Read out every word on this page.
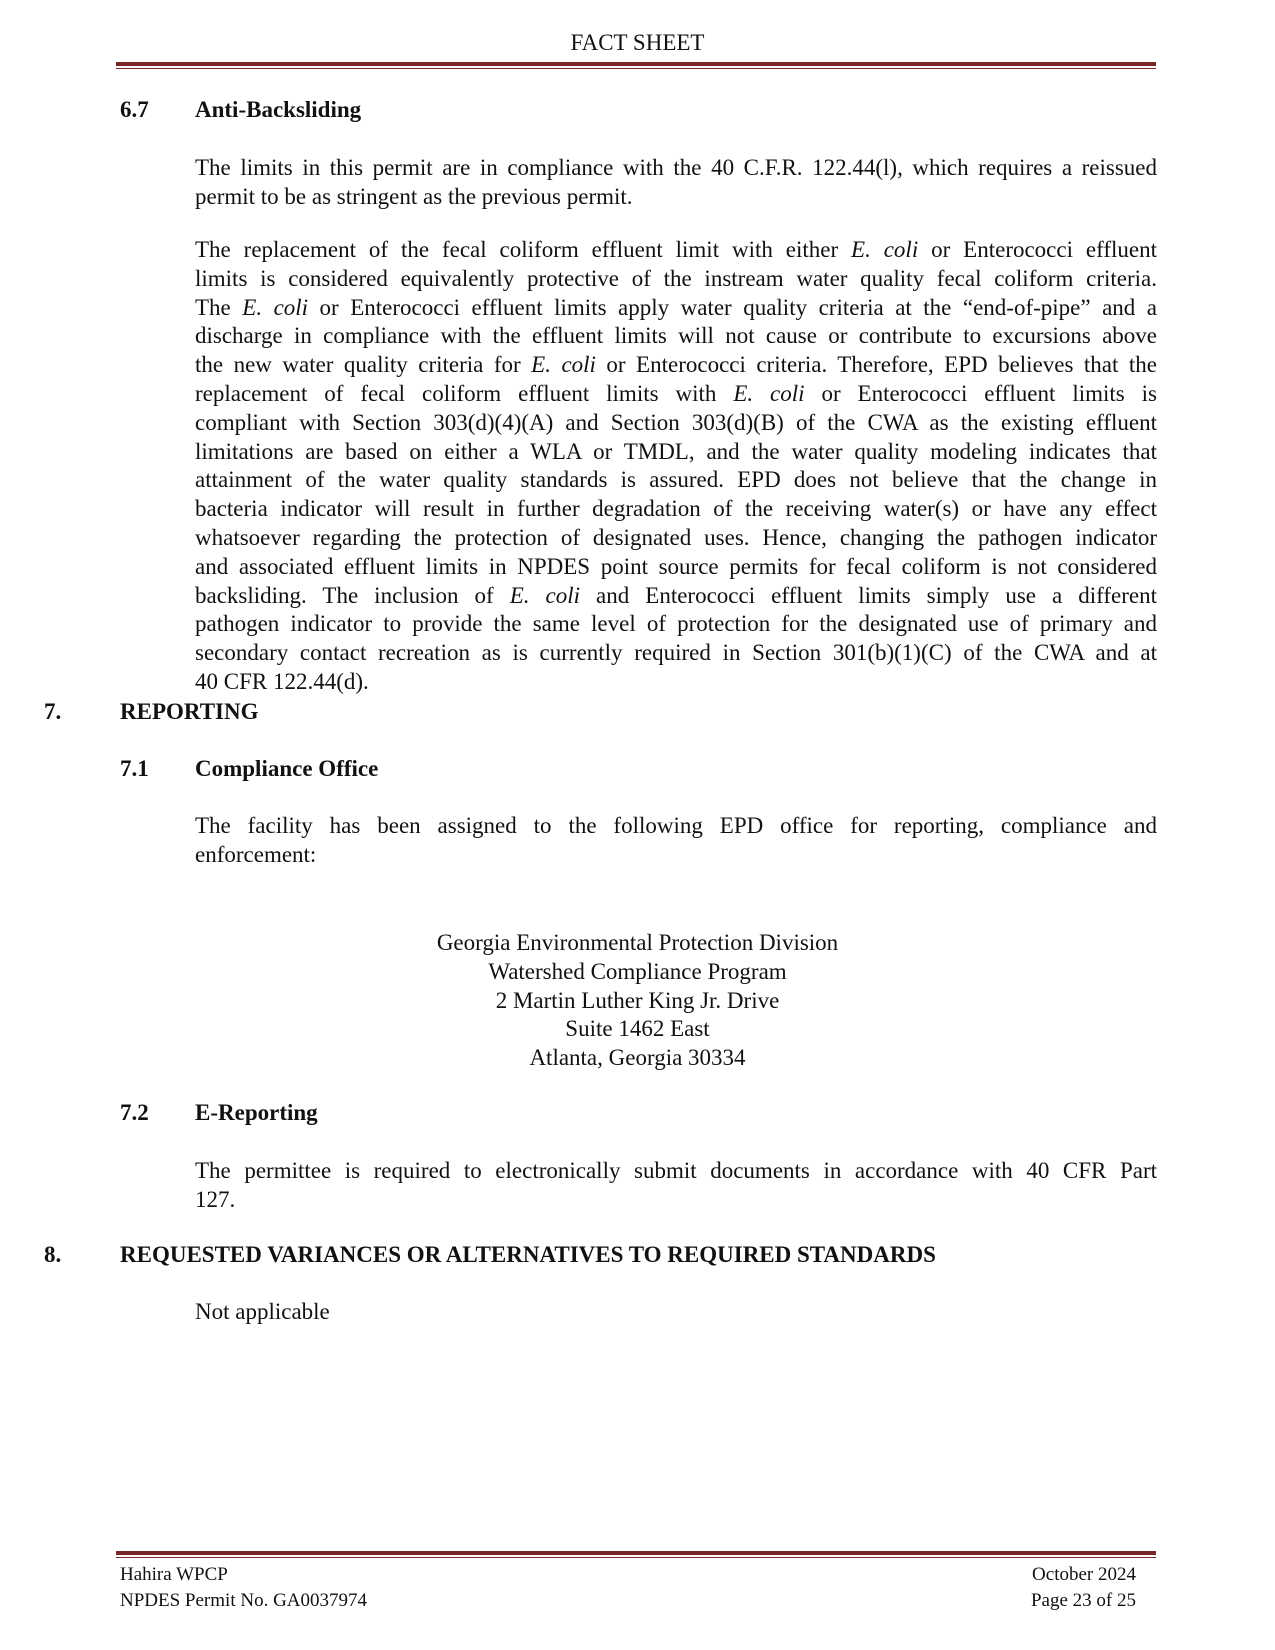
FACT SHEET
6.7 Anti-Backsliding
The limits in this permit are in compliance with the 40 C.F.R. 122.44(l), which requires a reissued
permit to be as stringent as the previous permit.
The replacement of the fecal coliform effluent limit with either E. coli or Enterococci effluent
limits is considered equivalently protective of the instream water quality fecal coliform criteria.
The E. coli or Enterococci effluent limits apply water quality criteria at the “end-of-pipe” and a
discharge in compliance with the effluent limits will not cause or contribute to excursions above
the new water quality criteria for E. coli or Enterococci criteria. Therefore, EPD believes that the
replacement of fecal coliform effluent limits with E. coli or Enterococci effluent limits is
compliant with Section 303(d)(4)(A) and Section 303(d)(B) of the CWA as the existing effluent
limitations are based on either a WLA or TMDL, and the water quality modeling indicates that
attainment of the water quality standards is assured. EPD does not believe that the change in
bacteria indicator will result in further degradation of the receiving water(s) or have any effect
whatsoever regarding the protection of designated uses. Hence, changing the pathogen indicator
and associated effluent limits in NPDES point source permits for fecal coliform is not considered
backsliding. The inclusion of E. coli and Enterococci effluent limits simply use a different
pathogen indicator to provide the same level of protection for the designated use of primary and
secondary contact recreation as is currently required in Section 301(b)(1)(C) of the CWA and at
40 CFR 122.44(d).
7.	REPORTING
7.1 Compliance Office
The facility has been assigned to the following EPD office for reporting, compliance and
enforcement:
Georgia Environmental Protection Division
Watershed Compliance Program
2 Martin Luther King Jr. Drive
Suite 1462 East
Atlanta, Georgia 30334
7.2 E-Reporting
The permittee is required to electronically submit documents in accordance with 40 CFR Part
127.
8.	REQUESTED VARIANCES OR ALTERNATIVES TO REQUIRED STANDARDS
Not applicable
Hahira WPCP	October 2024
NPDES Permit No. GA0037974	Page 23 of 25
